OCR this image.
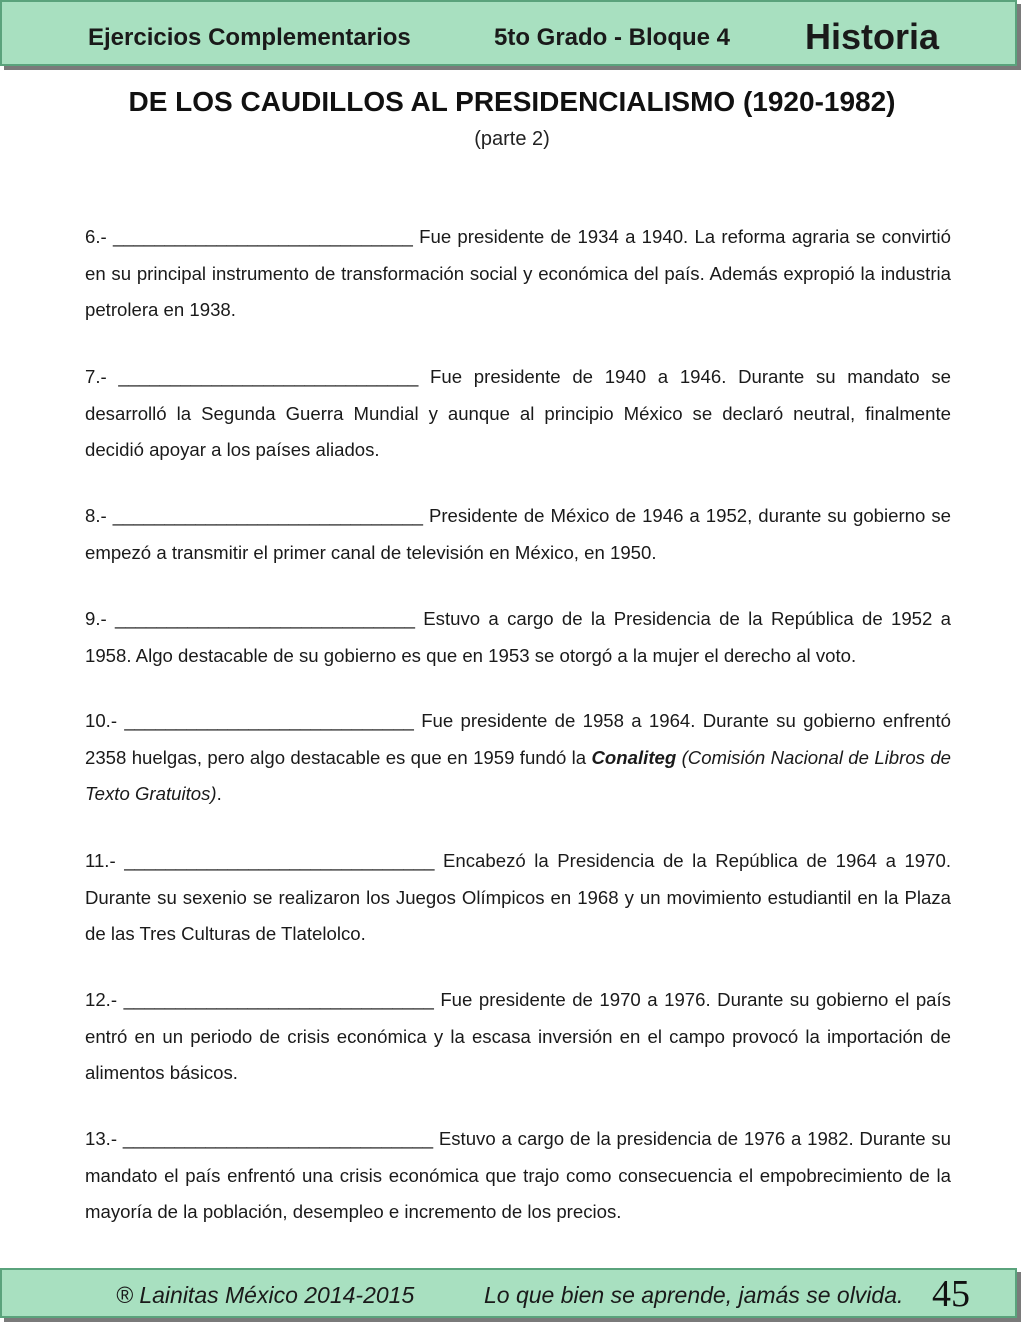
Ejercicios Complementarios	5to Grado - Bloque 4 Historia
DE LOS CAUDILLOS AL PRESIDENCIALISMO (1920-1982)
(parte 2)
6.- _____________________________ Fue presidente de 1934 a 1940. La reforma agraria se convirtió en su principal instrumento de transformación social y económica del país. Además expropió la industria petrolera en 1938.
7.- _____________________________ Fue presidente de 1940 a 1946. Durante su mandato se desarrolló la Segunda Guerra Mundial y aunque al principio México se declaró neutral, finalmente decidió apoyar a los países aliados.
8.- ______________________________ Presidente de México de 1946 a 1952, durante su gobierno se empezó a transmitir el primer canal de televisión en México, en 1950.
9.- _____________________________ Estuvo a cargo de la Presidencia de la República de 1952 a 1958. Algo destacable de su gobierno es que en 1953 se otorgó a la mujer el derecho al voto.
10.- ____________________________ Fue presidente de 1958 a 1964. Durante su gobierno enfrentó 2358 huelgas, pero algo destacable es que en 1959 fundó la Conaliteg (Comisión Nacional de Libros de Texto Gratuitos).
11.- ______________________________ Encabezó la Presidencia de la República de 1964 a 1970. Durante su sexenio se realizaron los Juegos Olímpicos en 1968 y un movimiento estudiantil en la Plaza de las Tres Culturas de Tlatelolco.
12.- ______________________________ Fue presidente de 1970 a 1976. Durante su gobierno el país entró en un periodo de crisis económica y la escasa inversión en el campo provocó la importación de alimentos básicos.
13.- ______________________________ Estuvo a cargo de la presidencia de 1976 a 1982. Durante su mandato el país enfrentó una crisis económica que trajo como consecuencia el empobrecimiento de la mayoría de la población, desempleo e incremento de los precios.
® Lainitas México 2014-2015	Lo que bien se aprende, jamás se olvida. 45
